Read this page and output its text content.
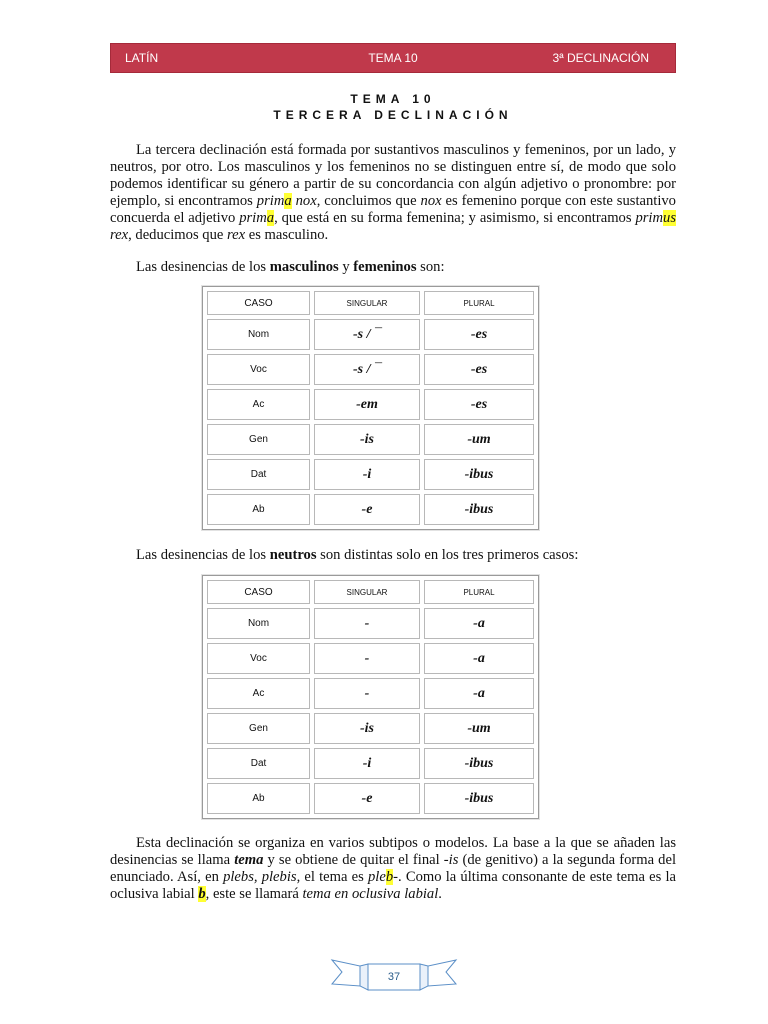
LATÍN	TEMA 10	3ª DECLINACIÓN
TEMA 10
TERCERA DECLINACIÓN

La tercera declinación está formada por sustantivos masculinos y femeninos, por un lado, y neutros, por otro. Los masculinos y los femeninos no se distinguen entre sí, de modo que solo podemos identificar su género a partir de su concordancia con algún adjetivo o pronombre: por ejemplo, si encontramos prima nox, concluimos que nox es femenino porque con este sustantivo concuerda el adjetivo prima, que está en su forma femenina; y asimismo, si encontramos primus rex, deducimos que rex es masculino.

Las desinencias de los masculinos y femeninos son:

CASO	SINGULAR	PLURAL
Nom	-s / ¯	-es
Voc	-s / ¯	-es
Ac	-em	-es
Gen	-is	-um
Dat	-i	-ibus
Ab	-e	-ibus

Las desinencias de los neutros son distintas solo en los tres primeros casos:

CASO	SINGULAR	PLURAL
Nom	-	-a
Voc	-	-a
Ac	-	-a
Gen	-is	-um
Dat	-i	-ibus
Ab	-e	-ibus

Esta declinación se organiza en varios subtipos o modelos. La base a la que se añaden las desinencias se llama tema y se obtiene de quitar el final -is (de genitivo) a la segunda forma del enunciado. Así, en plebs, plebis, el tema es pleb-. Como la última consonante de este tema es la oclusiva labial b, este se llamará tema en oclusiva labial.

37
